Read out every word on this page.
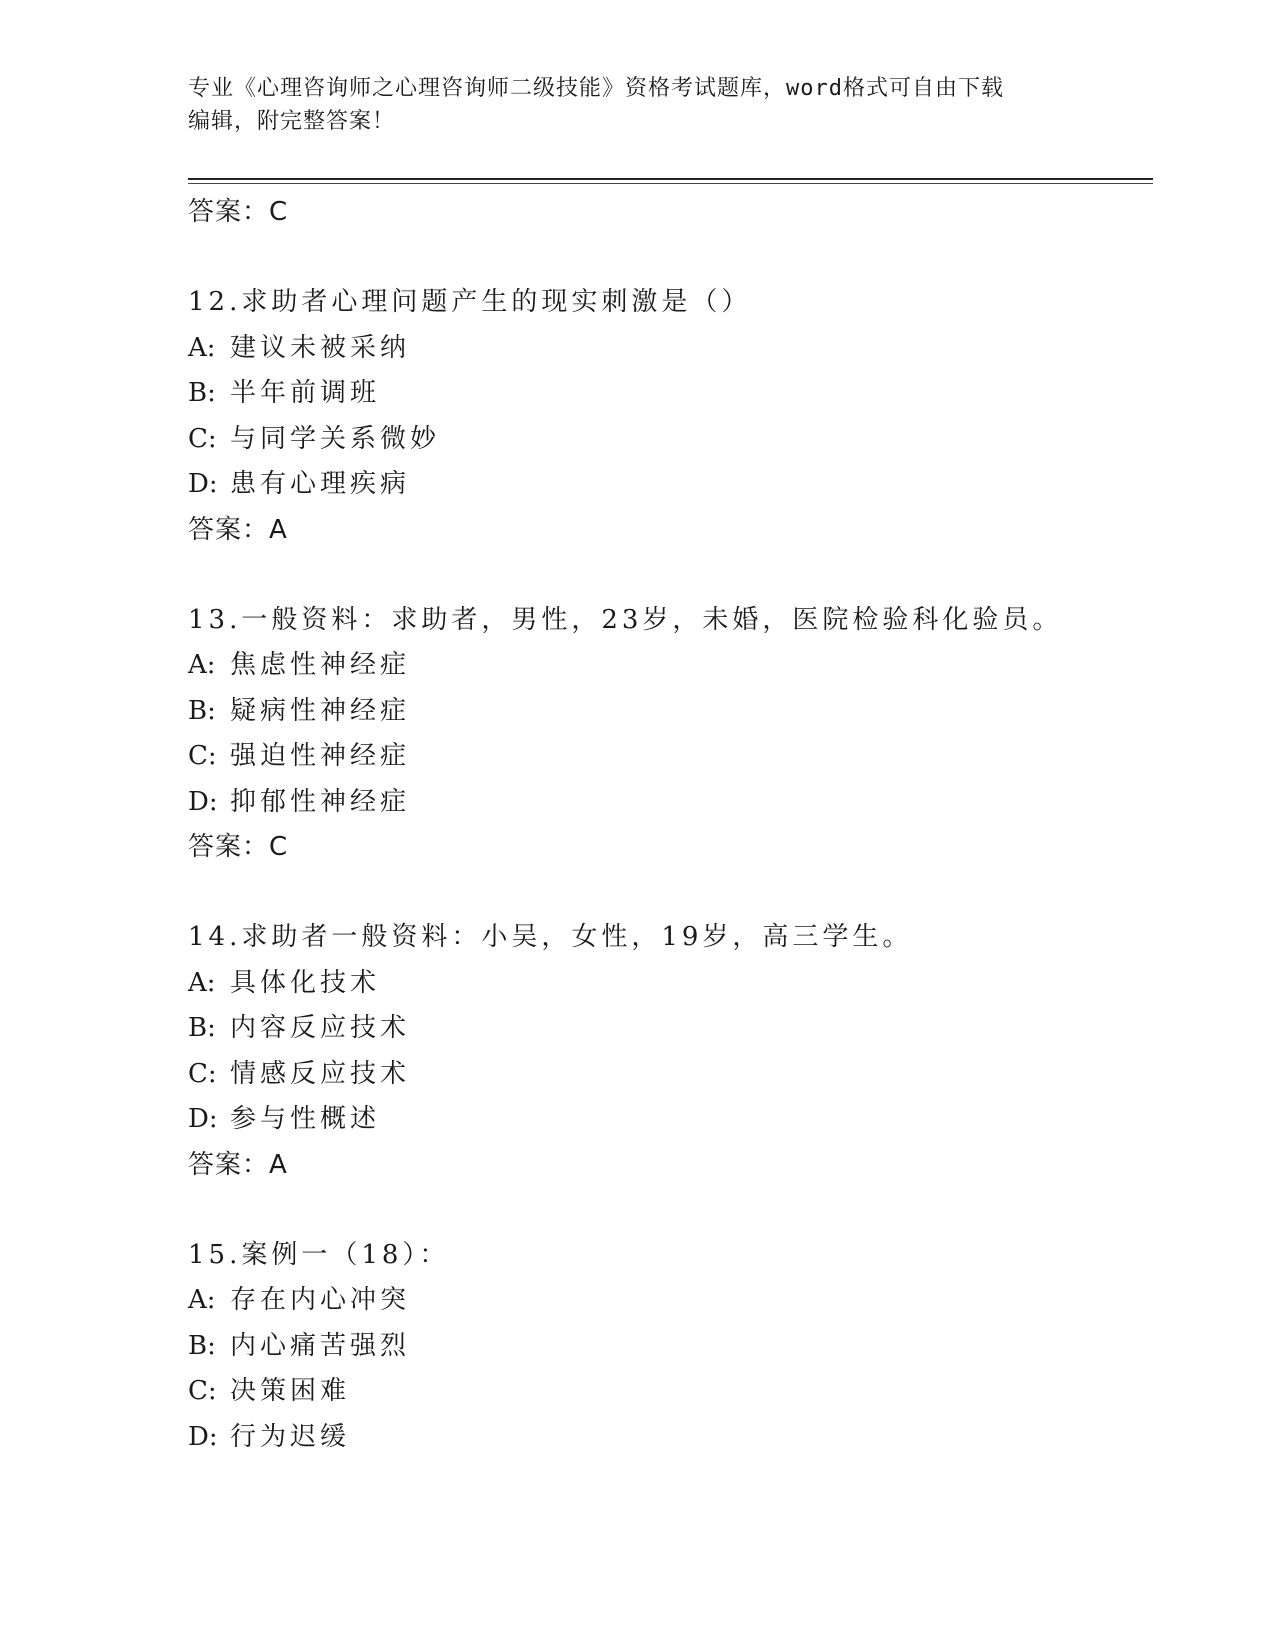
专业《心理咨询师之心理咨询师二级技能》资格考试题库，word格式可自由下载
编辑，附完整答案！
答案：C
12.求助者心理问题产生的现实刺激是（）
A: 建议未被采纳
B: 半年前调班
C: 与同学关系微妙
D: 患有心理疾病
答案：A
13.一般资料：求助者，男性，23岁，未婚，医院检验科化验员。
A: 焦虑性神经症
B: 疑病性神经症
C: 强迫性神经症
D: 抑郁性神经症
答案：C
14.求助者一般资料：小吴，女性，19岁，高三学生。
A: 具体化技术
B: 内容反应技术
C: 情感反应技术
D: 参与性概述
答案：A
15.案例一（18）：
A: 存在内心冲突
B: 内心痛苦强烈
C: 决策困难
D: 行为迟缓
